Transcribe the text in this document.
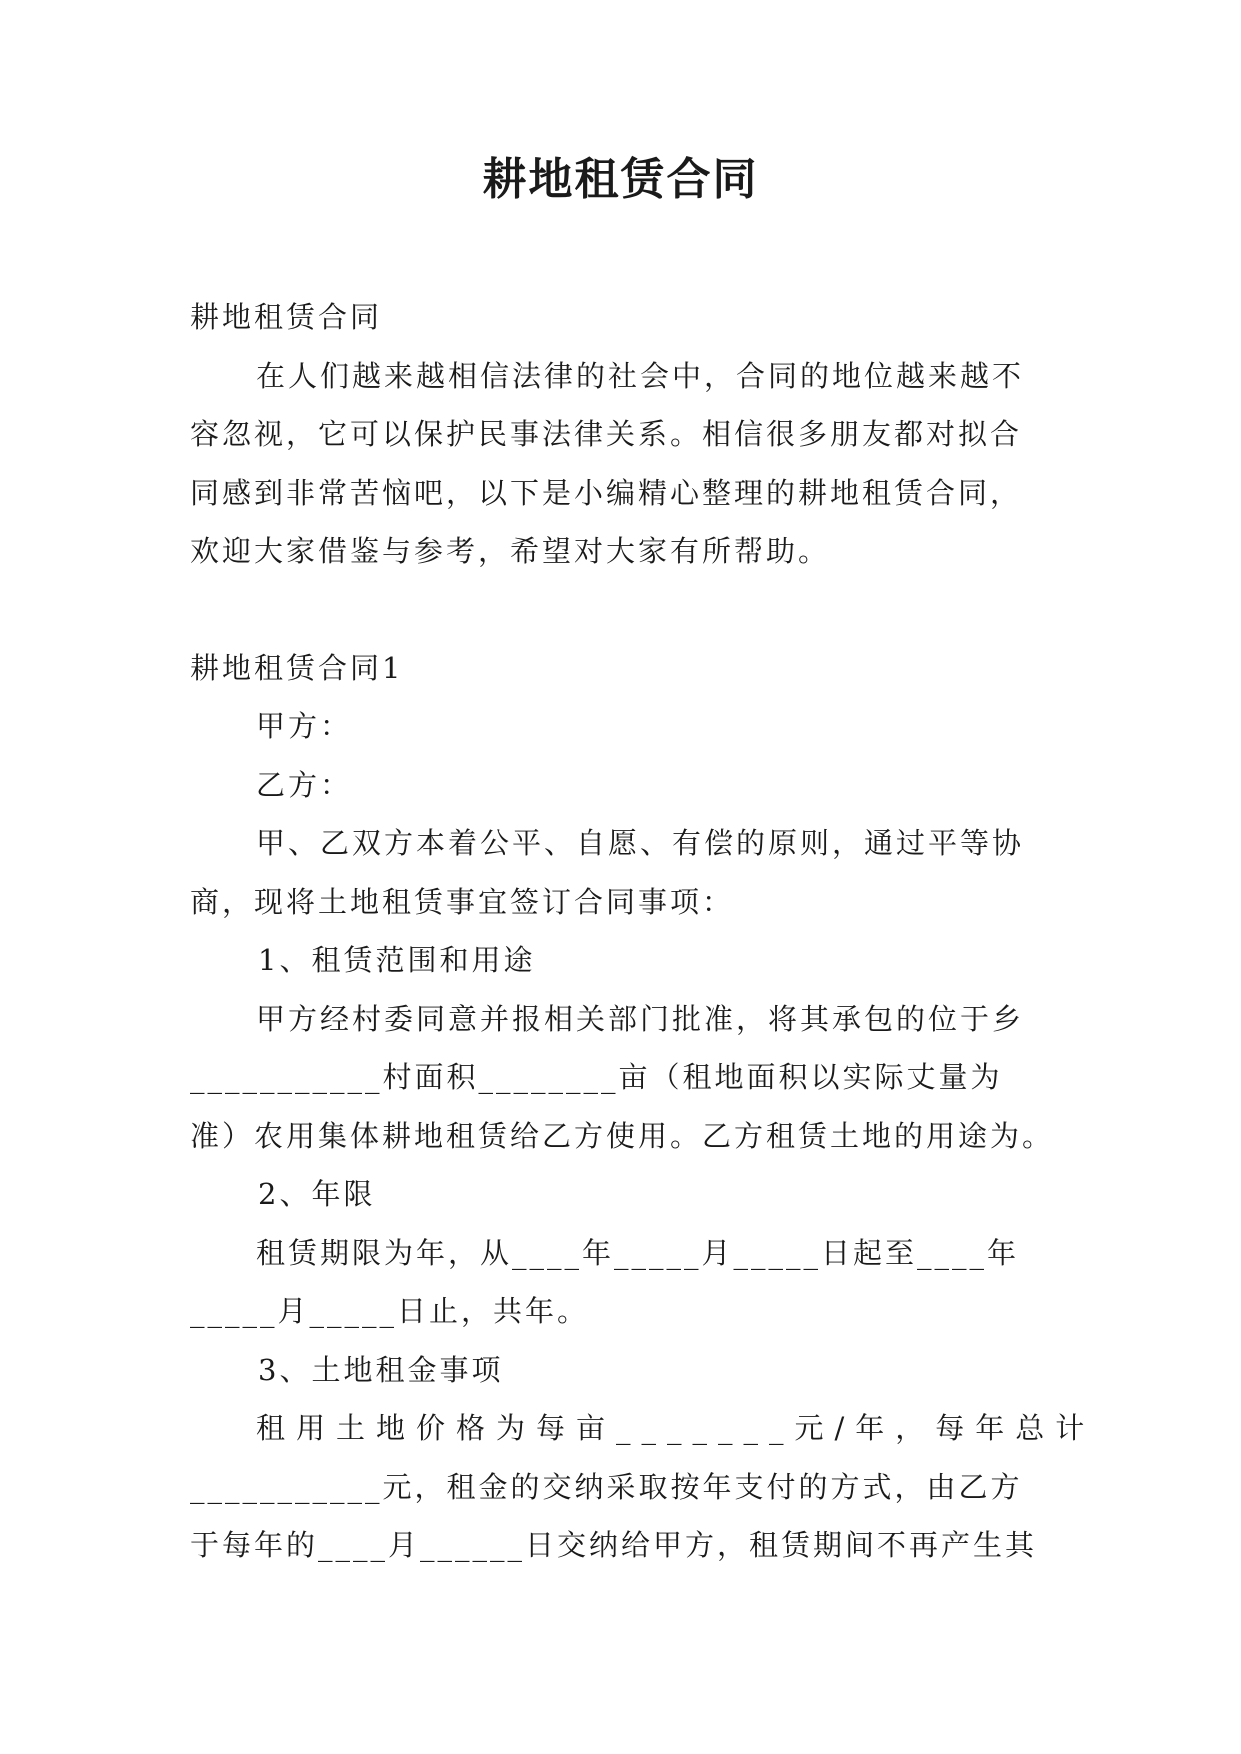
耕地租赁合同

耕地租赁合同

在人们越来越相信法律的社会中，合同的地位越来越不

容忽视，它可以保护民事法律关系。相信很多朋友都对拟合

同感到非常苦恼吧，以下是小编精心整理的耕地租赁合同，

欢迎大家借鉴与参考，希望对大家有所帮助。

耕地租赁合同1

甲方：

乙方：

甲、乙双方本着公平、自愿、有偿的原则，通过平等协

商，现将土地租赁事宜签订合同事项：

1、租赁范围和用途

甲方经村委同意并报相关部门批准，将其承包的位于乡

___________村面积________亩（租地面积以实际丈量为

准）农用集体耕地租赁给乙方使用。乙方租赁土地的用途为。

2、年限

租赁期限为年，从____年_____月_____日起至____年

_____月_____日止，共年。

3、土地租金事项

租用土地价格为每亩_______元/年，每年总计

___________元，租金的交纳采取按年支付的方式，由乙方

于每年的____月______日交纳给甲方，租赁期间不再产生其
